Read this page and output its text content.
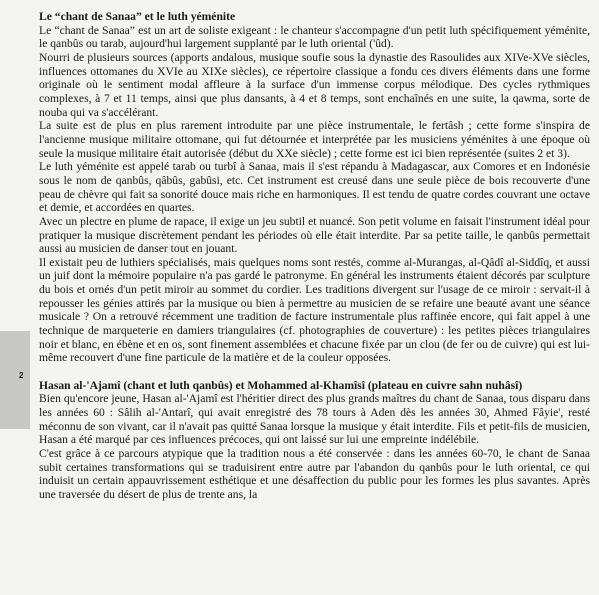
2
Le “chant de Sanaa” et le luth yéménite

Le “chant de Sanaa” est un art de soliste exigeant : le chanteur s'accompagne d'un petit luth spécifiquement yéménite, le qanbûs ou tarab, aujourd'hui largement supplanté par le luth oriental ('ûd).

Nourri de plusieurs sources (apports andalous, musique soufie sous la dynastie des Rasoulides aux XIVe-XVe siècles, influences ottomanes du XVIe au XIXe siècles), ce répertoire classique a fondu ces divers éléments dans une forme originale où le sentiment modal affleure à la surface d'un immense corpus mélodique. Des cycles rythmiques complexes, à 7 et 11 temps, ainsi que plus dansants, à 4 et 8 temps, sont enchaînés en une suite, la qawma, sorte de nouba qui va s'accélérant.

La suite est de plus en plus rarement introduite par une pièce instrumentale, le fertâsh ; cette forme s'inspira de l'ancienne musique militaire ottomane, qui fut détournée et interprétée par les musiciens yéménites à une époque où seule la musique militaire était autorisée (début du XXe siècle) ; cette forme est ici bien représentée (suites 2 et 3).

Le luth yéménite est appelé tarab ou turbî à Sanaa, mais il s'est répandu à Madagascar, aux Comores et en Indonésie sous le nom de qanbûs, qâbûs, gabûsi, etc. Cet instrument est creusé dans une seule pièce de bois recouverte d'une peau de chèvre qui fait sa sonorité douce mais riche en harmoniques. Il est tendu de quatre cordes couvrant une octave et demie, et accordées en quartes.

Avec un plectre en plume de rapace, il exige un jeu subtil et nuancé. Son petit volume en faisait l'instrument idéal pour pratiquer la musique discrètement pendant les périodes où elle était interdite. Par sa petite taille, le qanbûs permettait aussi au musicien de danser tout en jouant.

Il existait peu de luthiers spécialisés, mais quelques noms sont restés, comme al-Murangas, al-Qâdî al-Siddîq, et aussi un juif dont la mémoire populaire n'a pas gardé le patronyme. En général les instruments étaient décorés par sculpture du bois et ornés d'un petit miroir au sommet du cordier. Les traditions divergent sur l'usage de ce miroir : servait-il à repousser les génies attirés par la musique ou bien à permettre au musicien de se refaire une beauté avant une séance musicale ? On a retrouvé récemment une tradition de facture instrumentale plus raffinée encore, qui fait appel à une technique de marqueterie en damiers triangulaires (cf. photographies de couverture) : les petites pièces triangulaires noir et blanc, en ébène et en os, sont finement assemblées et chacune fixée par un clou (de fer ou de cuivre) qui est lui-même recouvert d'une fine particule de la matière et de la couleur opposées.

Hasan al-'Ajamî (chant et luth qanbûs) et Mohammed al-Khamîsî (plateau en cuivre sahn nuhâsî)

Bien qu'encore jeune, Hasan al-'Ajamî est l'héritier direct des plus grands maîtres du chant de Sanaa, tous disparu dans les années 60 : Sâlih al-'Antarî, qui avait enregistré des 78 tours à Aden dès les années 30, Ahmed Fâyie', resté méconnu de son vivant, car il n'avait pas quitté Sanaa lorsque la musique y était interdite. Fils et petit-fils de musicien, Hasan a été marqué par ces influences précoces, qui ont laissé sur lui une empreinte indélébile.

C'est grâce à ce parcours atypique que la tradition nous a été conservée : dans les années 60-70, le chant de Sanaa subit certaines transformations qui se traduisirent entre autre par l'abandon du qanbûs pour le luth oriental, ce qui induisit un certain appauvrissement esthétique et une désaffection du public pour les formes les plus savantes. Après une traversée du désert de plus de trente ans, la
